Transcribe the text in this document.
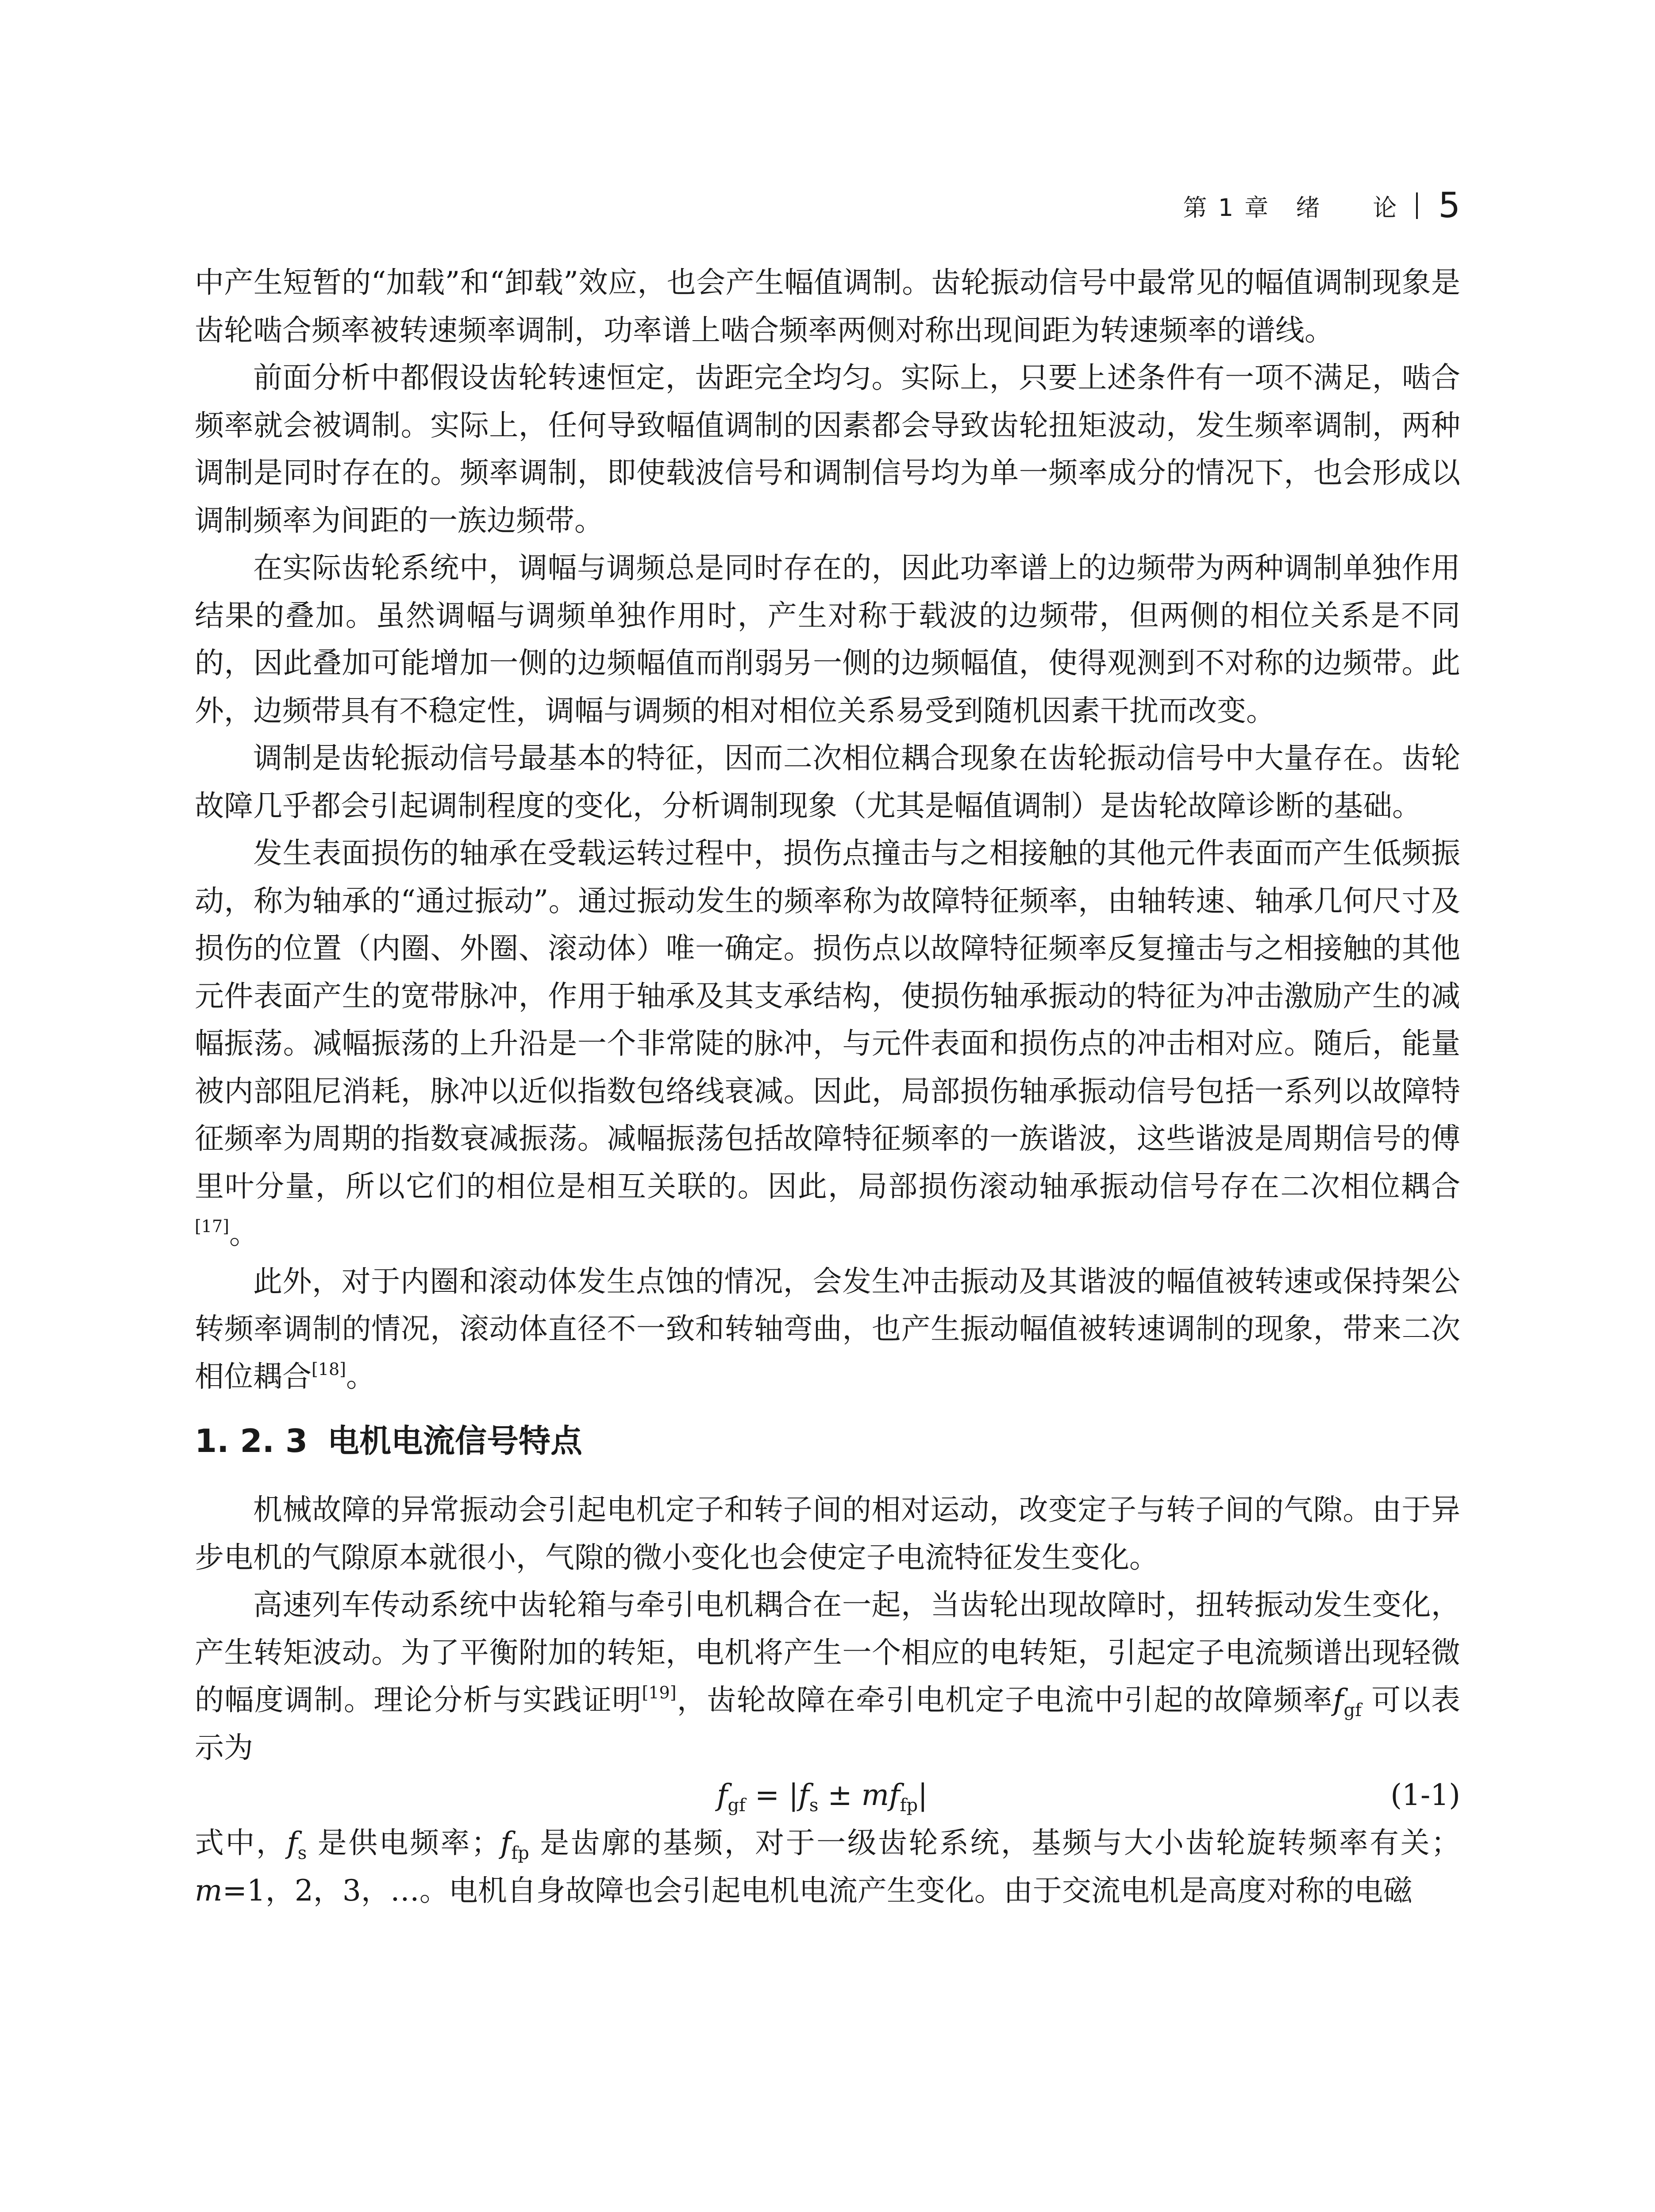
第 1 章　绪　　论 5

中产生短暂的“加载”和“卸载”效应，也会产生幅值调制。齿轮振动信号中最常见的幅值调制现象是齿轮啮合频率被转速频率调制，功率谱上啮合频率两侧对称出现间距为转速频率的谱线。

前面分析中都假设齿轮转速恒定，齿距完全均匀。实际上，只要上述条件有一项不满足，啮合频率就会被调制。实际上，任何导致幅值调制的因素都会导致齿轮扭矩波动，发生频率调制，两种调制是同时存在的。频率调制，即使载波信号和调制信号均为单一频率成分的情况下，也会形成以调制频率为间距的一族边频带。

在实际齿轮系统中，调幅与调频总是同时存在的，因此功率谱上的边频带为两种调制单独作用结果的叠加。虽然调幅与调频单独作用时，产生对称于载波的边频带，但两侧的相位关系是不同的，因此叠加可能增加一侧的边频幅值而削弱另一侧的边频幅值，使得观测到不对称的边频带。此外，边频带具有不稳定性，调幅与调频的相对相位关系易受到随机因素干扰而改变。

调制是齿轮振动信号最基本的特征，因而二次相位耦合现象在齿轮振动信号中大量存在。齿轮故障几乎都会引起调制程度的变化，分析调制现象（尤其是幅值调制）是齿轮故障诊断的基础。

发生表面损伤的轴承在受载运转过程中，损伤点撞击与之相接触的其他元件表面而产生低频振动，称为轴承的“通过振动”。通过振动发生的频率称为故障特征频率，由轴转速、轴承几何尺寸及损伤的位置（内圈、外圈、滚动体）唯一确定。损伤点以故障特征频率反复撞击与之相接触的其他元件表面产生的宽带脉冲，作用于轴承及其支承结构，使损伤轴承振动的特征为冲击激励产生的减幅振荡。减幅振荡的上升沿是一个非常陡的脉冲，与元件表面和损伤点的冲击相对应。随后，能量被内部阻尼消耗，脉冲以近似指数包络线衰减。因此，局部损伤轴承振动信号包括一系列以故障特征频率为周期的指数衰减振荡。减幅振荡包括故障特征频率的一族谐波，这些谐波是周期信号的傅里叶分量，所以它们的相位是相互关联的。因此，局部损伤滚动轴承振动信号存在二次相位耦合[17]。

此外，对于内圈和滚动体发生点蚀的情况，会发生冲击振动及其谐波的幅值被转速或保持架公转频率调制的情况，滚动体直径不一致和转轴弯曲，也产生振动幅值被转速调制的现象，带来二次相位耦合[18]。

1. 2. 3 电机电流信号特点

机械故障的异常振动会引起电机定子和转子间的相对运动，改变定子与转子间的气隙。由于异步电机的气隙原本就很小，气隙的微小变化也会使定子电流特征发生变化。

高速列车传动系统中齿轮箱与牵引电机耦合在一起，当齿轮出现故障时，扭转振动发生变化，产生转矩波动。为了平衡附加的转矩，电机将产生一个相应的电转矩，引起定子电流频谱出现轻微的幅度调制。理论分析与实践证明[19]，齿轮故障在牵引电机定子电流中引起的故障频率$f_{gf}$ 可以表示为

$f_{gf} = |f_s \pm mf_{fp}|$	(1-1)

式中，$f_s$ 是供电频率；$f_{fp}$ 是齿廓的基频，对于一级齿轮系统，基频与大小齿轮旋转频率有关；m=1，2，3，…。电机自身故障也会引起电机电流产生变化。由于交流电机是高度对称的电磁
